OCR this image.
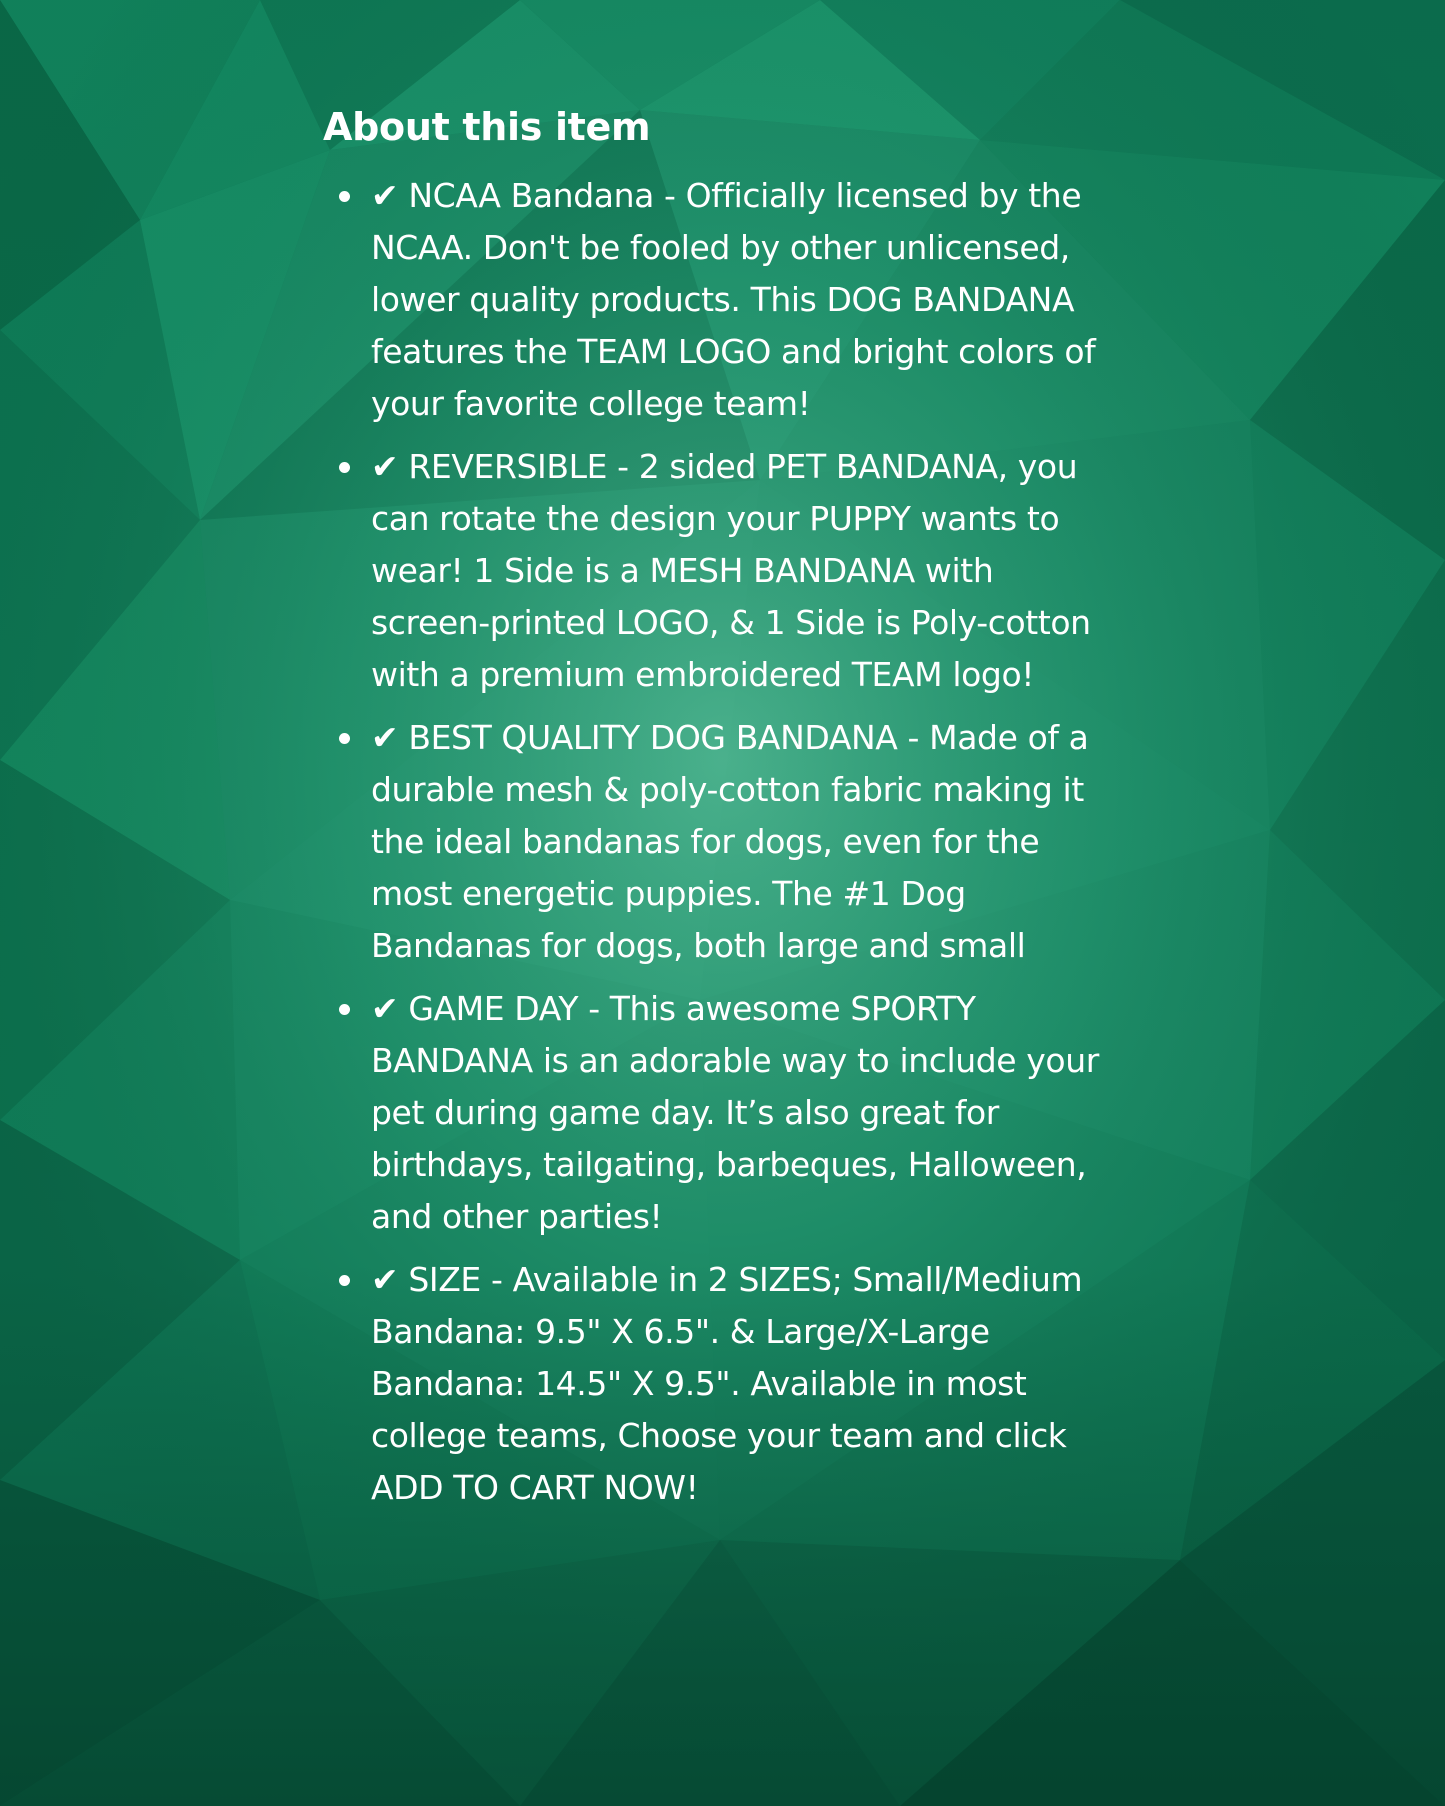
About this item
✔ NCAA Bandana - Officially licensed by the NCAA. Don't be fooled by other unlicensed, lower quality products. This DOG BANDANA features the TEAM LOGO and bright colors of your favorite college team!
✔ REVERSIBLE - 2 sided PET BANDANA, you can rotate the design your PUPPY wants to wear! 1 Side is a MESH BANDANA with screen-printed LOGO, & 1 Side is Poly-cotton with a premium embroidered TEAM logo!
✔ BEST QUALITY DOG BANDANA - Made of a durable mesh & poly-cotton fabric making it the ideal bandanas for dogs, even for the most energetic puppies. The #1 Dog Bandanas for dogs, both large and small
✔ GAME DAY - This awesome SPORTY BANDANA is an adorable way to include your pet during game day. It’s also great for birthdays, tailgating, barbeques, Halloween, and other parties!
✔ SIZE - Available in 2 SIZES; Small/Medium Bandana: 9.5" X 6.5". & Large/X-Large Bandana: 14.5" X 9.5". Available in most college teams, Choose your team and click ADD TO CART NOW!
